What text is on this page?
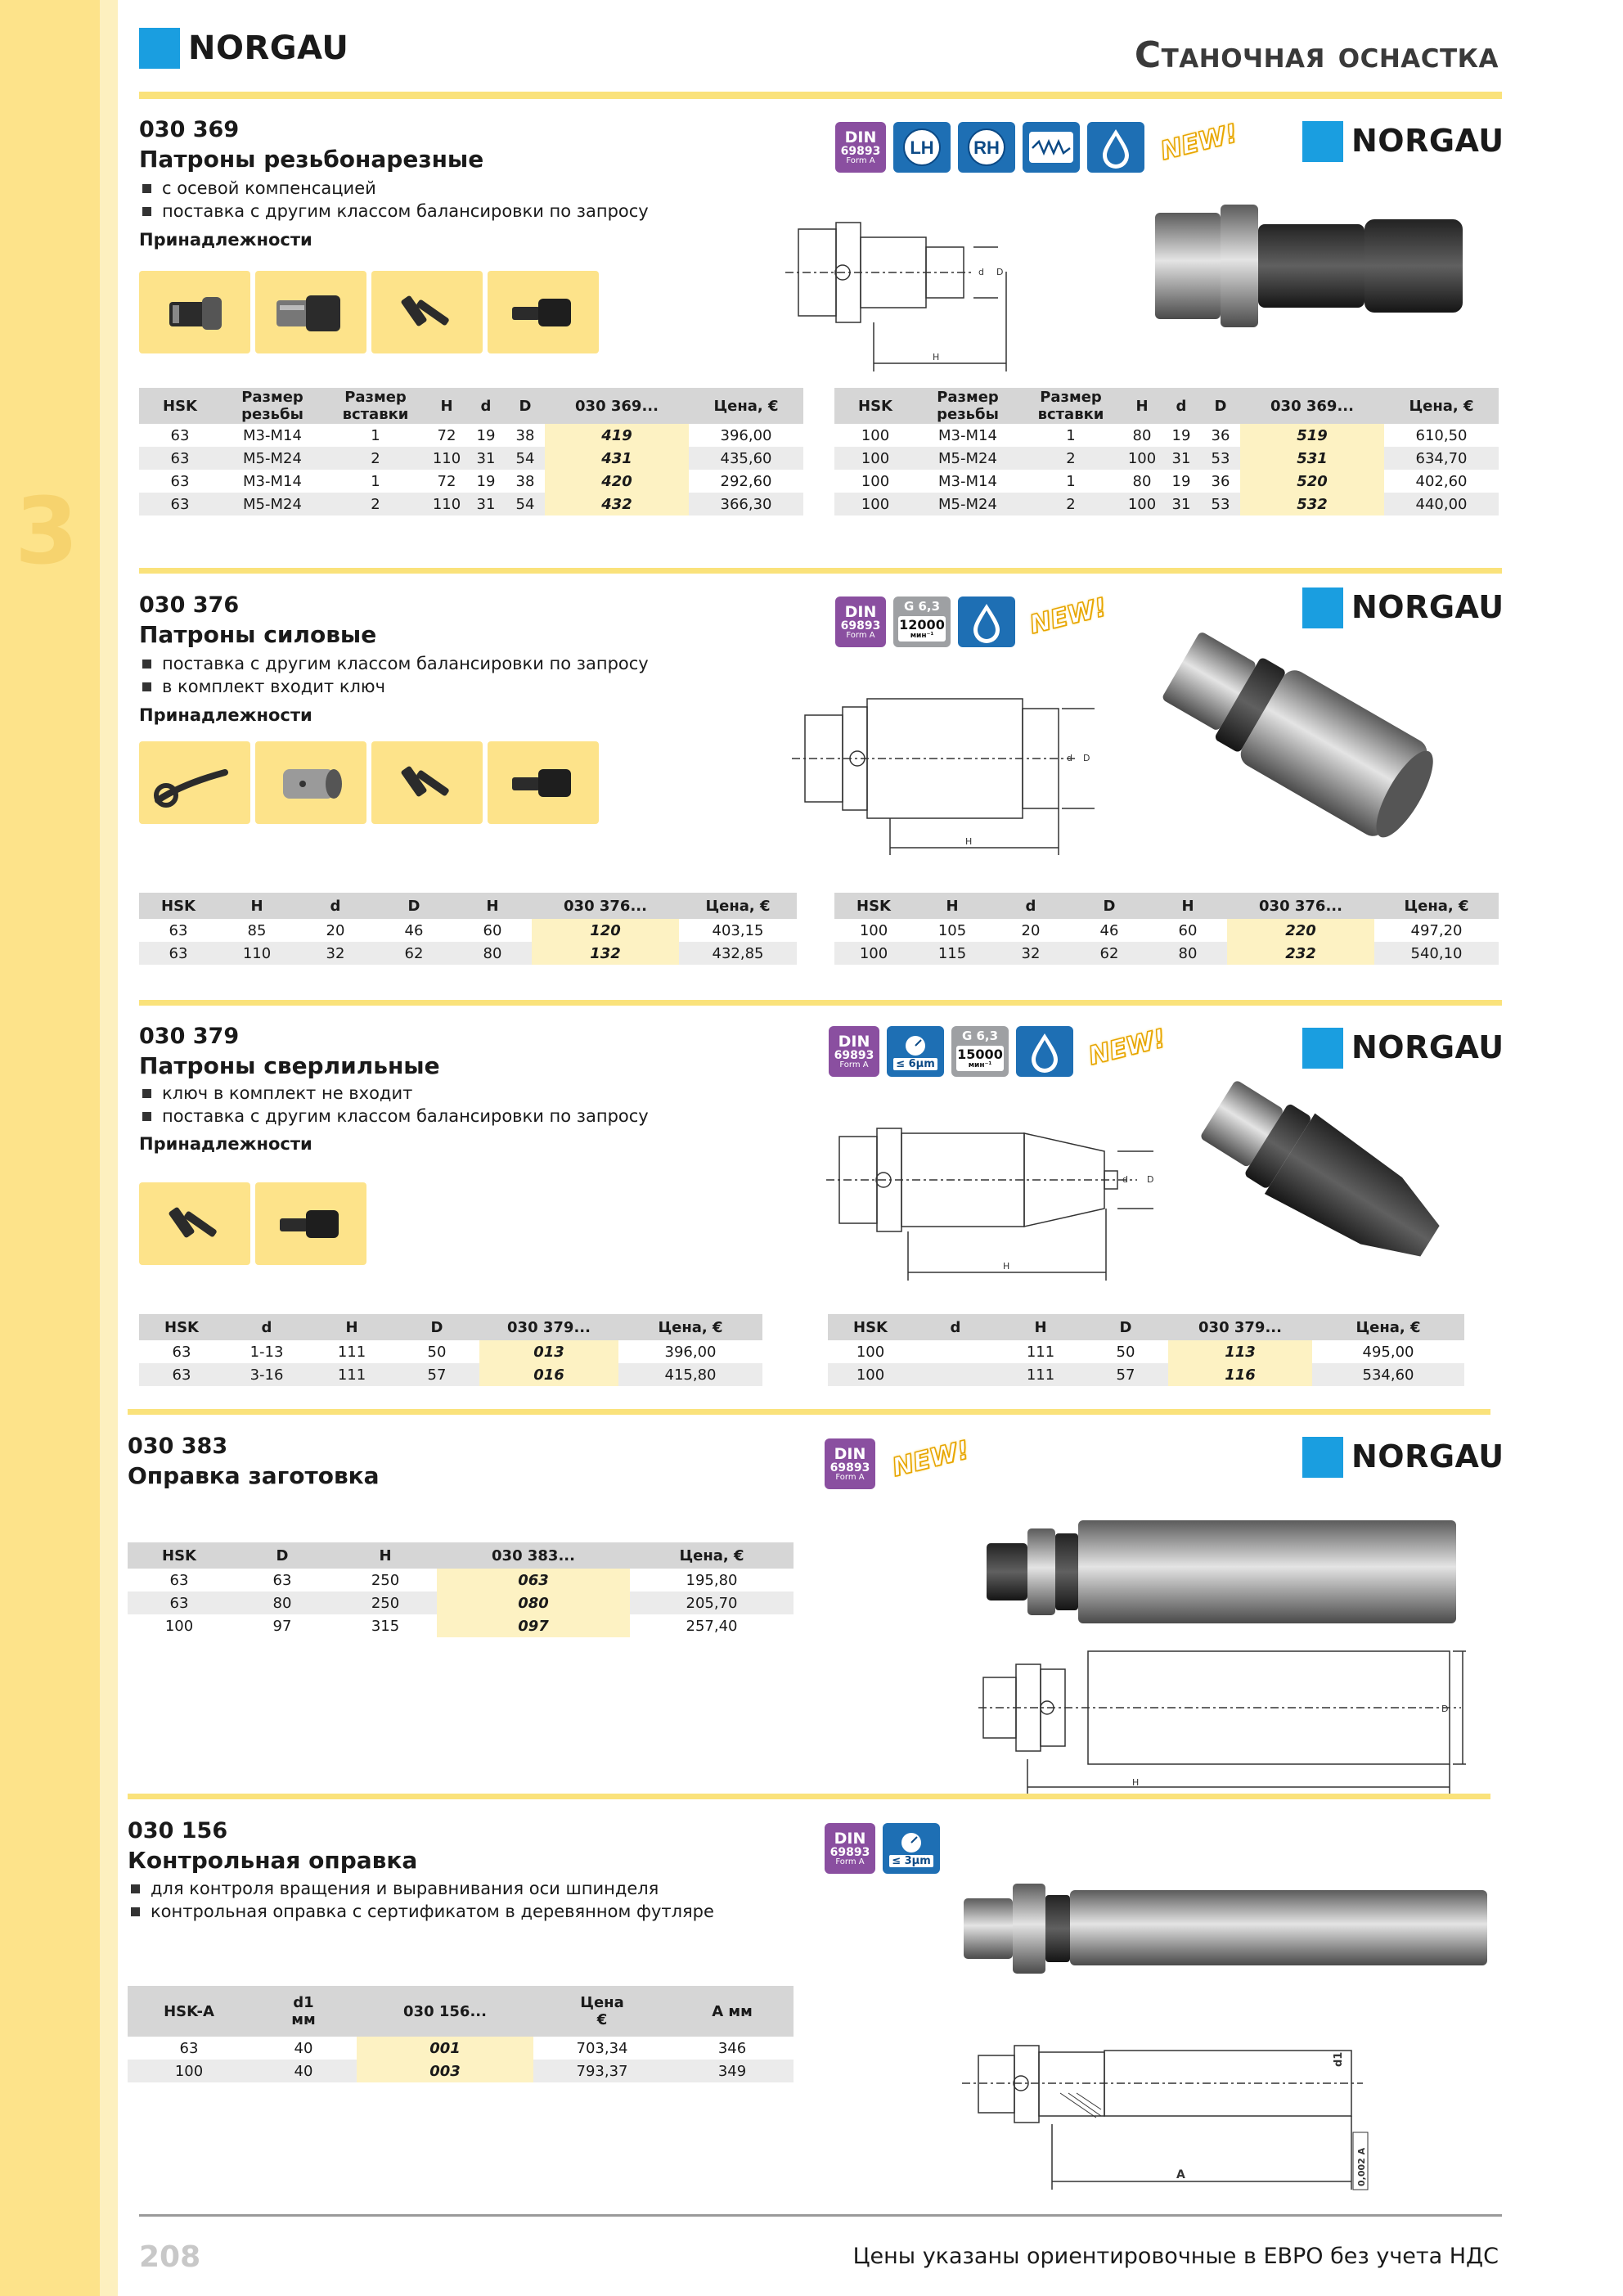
3
NORGAU	Станочная оснастка
030 369
Патроны резьбонарезные
с осевой компенсацией
поставка с другим классом балансировки по запросу
Принадлежности
DIN
69893
Form A
LH RH	NEW!	NORGAU
H
d D
HSK	Размер резьбы	Размер вставки	H	d	D	030 369...	Цена, €
63	M3-M14	1	72	19	38	419	396,00
63	M5-M24	2	110	31	54	431	435,60
63	M3-M14	1	72	19	38	420	292,60
63	M5-M24	2	110	31	54	432	366,30
HSK	Размер резьбы	Размер вставки	H	d	D	030 369...	Цена, €
100	M3-M14	1	80	19	36	519	610,50
100	M5-M24	2	100	31	53	531	634,70
100	M3-M14	1	80	19	36	520	402,60
100	M5-M24	2	100	31	53	532	440,00
030 376
Патроны силовые
поставка с другим классом балансировки по запросу
в комплект входит ключ
Принадлежности
DIN
69893
Form A
G 6,3
12000
мин⁻¹	NEW!	NORGAU
H
d D
HSK	H	d	D	H	030 376...	Цена, €
63	85	20	46	60	120	403,15
63	110	32	62	80	132	432,85
HSK	H	d	D	H	030 376...	Цена, €
100	105	20	46	60	220	497,20
100	115	32	62	80	232	540,10
030 379
Патроны сверлильные
ключ в комплект не входит
поставка с другим классом балансировки по запросу
Принадлежности
DIN
69893
Form A	≤ 6µm
G 6,3
15000
мин⁻¹	NEW!	NORGAU
H
d D
HSK	d	H	D	030 379...	Цена, €
63	1-13	111	50	013	396,00
63	3-16	111	57	016	415,80
HSK	d	H	D	030 379...	Цена, €
100		111	50	113	495,00
100		111	57	116	534,60
030 383
Оправка заготовка
DIN
69893
Form A NEW!	NORGAU
HSK	D	H	030 383...	Цена, €
63	63	250	063	195,80
63	80	250	080	205,70
100	97	315	097	257,40
H
D
030 156
Контрольная оправка
для контроля вращения и выравнивания оси шпинделя
контрольная оправка с сертификатом в деревянном футляре
DIN
69893
Form A	≤ 3µm
HSK-A	d1 мм	030 156...	Цена €	A мм
63	40	001	703,34	346
100	40	003	793,37	349
A
d1
0,002 A
208	Цены указаны ориентировочные в ЕВРО без учета НДС
